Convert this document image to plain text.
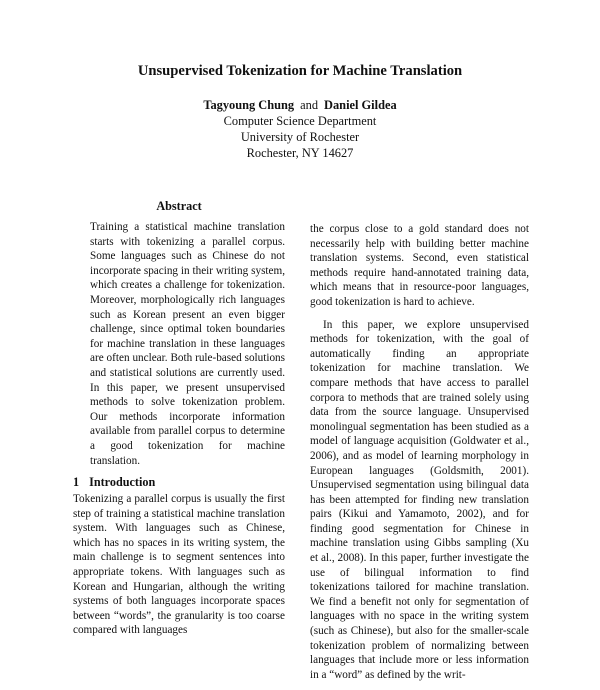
Unsupervised Tokenization for Machine Translation
Tagyoung Chung and Daniel Gildea
Computer Science Department
University of Rochester
Rochester, NY 14627
Abstract

Training a statistical machine translation starts with tokenizing a parallel corpus. Some languages such as Chinese do not incorporate spacing in their writing system, which creates a challenge for tokenization. Moreover, morphologically rich languages such as Korean present an even bigger challenge, since optimal token boundaries for machine translation in these languages are often unclear. Both rule-based solutions and statistical solutions are currently used. In this paper, we present unsupervised methods to solve tokenization problem. Our methods incorporate information available from parallel corpus to determine a good tokenization for machine translation.

1 Introduction

Tokenizing a parallel corpus is usually the first step of training a statistical machine translation system. With languages such as Chinese, which has no spaces in its writing system, the main challenge is to segment sentences into appropriate tokens. With languages such as Korean and Hungarian, although the writing systems of both languages incorporate spaces between “words”, the granularity is too coarse compared with languages

the corpus close to a gold standard does not necessarily help with building better machine translation systems. Second, even statistical methods require hand-annotated training data, which means that in resource-poor languages, good tokenization is hard to achieve.

In this paper, we explore unsupervised methods for tokenization, with the goal of automatically finding an appropriate tokenization for machine translation. We compare methods that have access to parallel corpora to methods that are trained solely using data from the source language. Unsupervised monolingual segmentation has been studied as a model of language acquisition (Goldwater et al., 2006), and as model of learning morphology in European languages (Goldsmith, 2001). Unsupervised segmentation using bilingual data has been attempted for finding new translation pairs (Kikui and Yamamoto, 2002), and for finding good segmentation for Chinese in machine translation using Gibbs sampling (Xu et al., 2008). In this paper, further investigate the use of bilingual information to find tokenizations tailored for machine translation. We find a benefit not only for segmentation of languages with no space in the writing system (such as Chinese), but also for the smaller-scale tokenization problem of normalizing between languages that include more or less information in a “word” as defined by the writ-
